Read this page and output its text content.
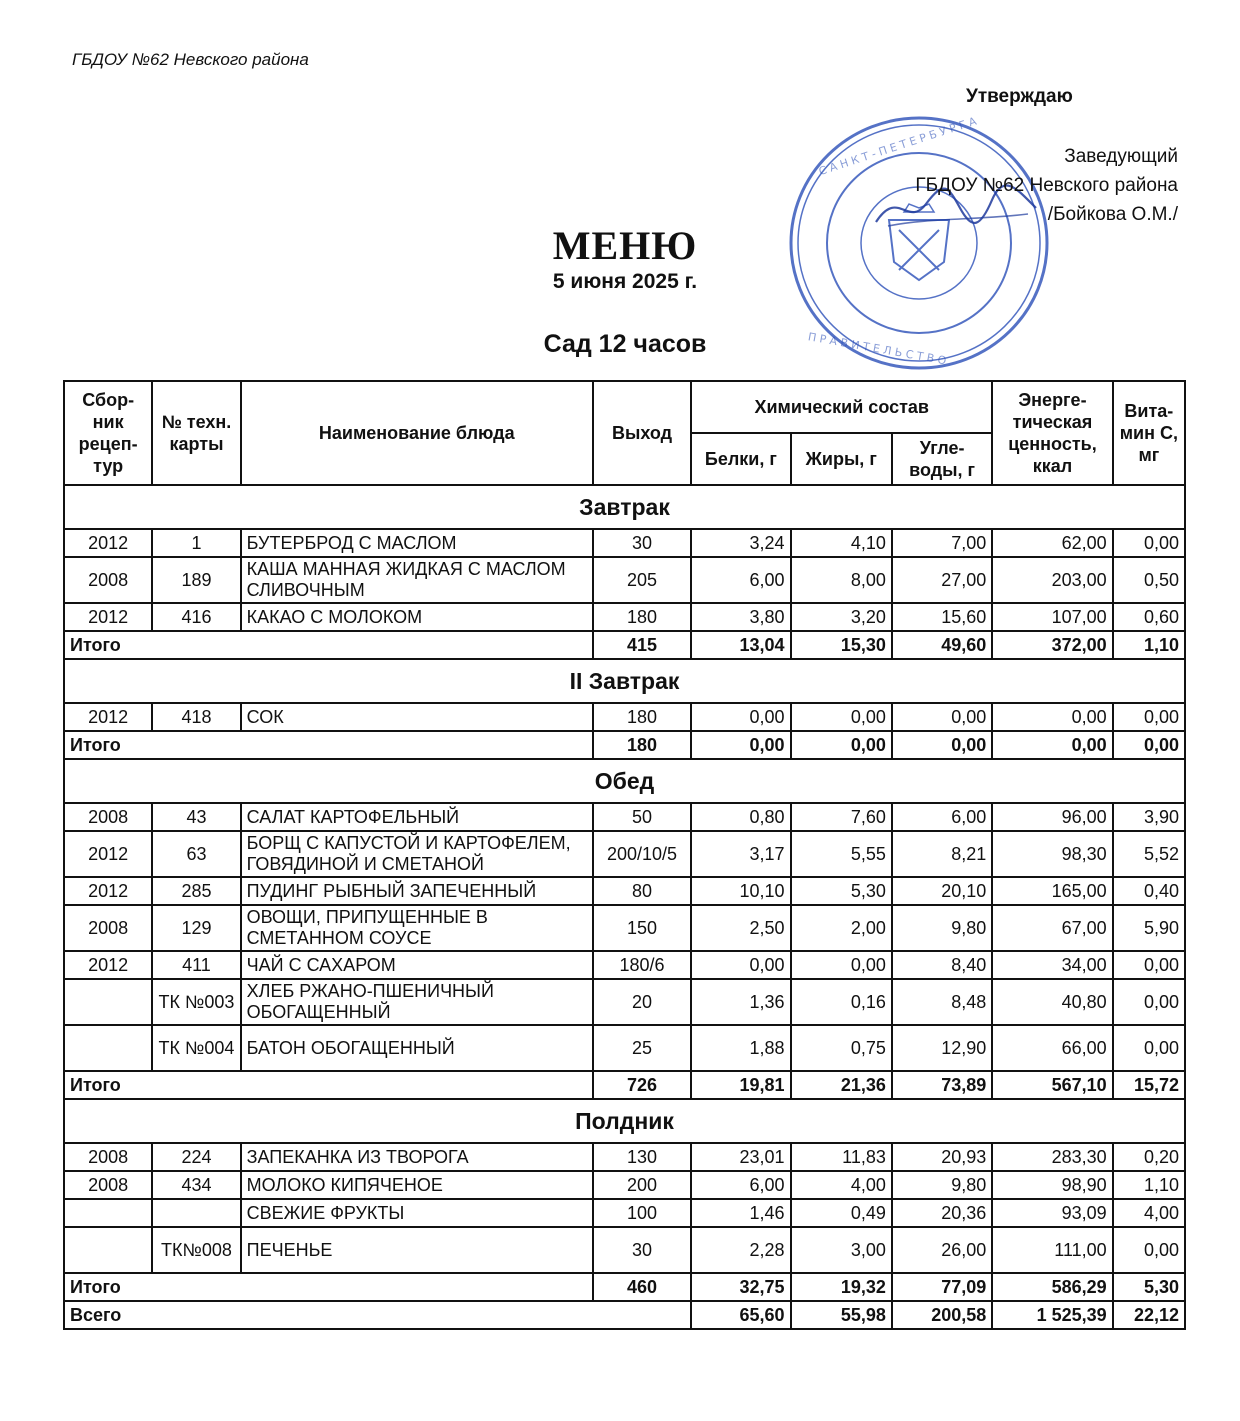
ГБДОУ №62 Невского района
Утверждаю
С А Н К Т - П Е Т Е Р Б У Р Г А
П Р А В И Т Е Л Ь С Т В О
Заведующий
ГБДОУ №62 Невского района
/Бойкова О.М./
МЕНЮ
5 июня 2025 г.
Сад 12 часов
Сбор-ник рецеп-тур	№ техн. карты	Наименование блюда	Выход	Химический состав			Энерге-тическая ценность, ккал	Вита-мин С, мг
				Белки, г	Жиры, г	Угле-воды, г		
Завтрак								
2012	1	БУТЕРБРОД С МАСЛОМ	30	3,24	4,10	7,00	62,00	0,00
2008	189	КАША МАННАЯ ЖИДКАЯ С МАСЛОМ СЛИВОЧНЫМ	205	6,00	8,00	27,00	203,00	0,50
2012	416	КАКАО С МОЛОКОМ	180	3,80	3,20	15,60	107,00	0,60
Итого			415	13,04	15,30	49,60	372,00	1,10
II Завтрак								
2012	418	СОК	180	0,00	0,00	0,00	0,00	0,00
Итого			180	0,00	0,00	0,00	0,00	0,00
Обед								
2008	43	САЛАТ КАРТОФЕЛЬНЫЙ	50	0,80	7,60	6,00	96,00	3,90
2012	63	БОРЩ С КАПУСТОЙ И КАРТОФЕЛЕМ, ГОВЯДИНОЙ И СМЕТАНОЙ	200/10/5	3,17	5,55	8,21	98,30	5,52
2012	285	ПУДИНГ РЫБНЫЙ ЗАПЕЧЕННЫЙ	80	10,10	5,30	20,10	165,00	0,40
2008	129	ОВОЩИ, ПРИПУЩЕННЫЕ В СМЕТАННОМ СОУСЕ	150	2,50	2,00	9,80	67,00	5,90
2012	411	ЧАЙ С САХАРОМ	180/6	0,00	0,00	8,40	34,00	0,00
	ТК №003	ХЛЕБ РЖАНО-ПШЕНИЧНЫЙ ОБОГАЩЕННЫЙ	20	1,36	0,16	8,48	40,80	0,00
	ТК №004	БАТОН ОБОГАЩЕННЫЙ	25	1,88	0,75	12,90	66,00	0,00
Итого			726	19,81	21,36	73,89	567,10	15,72
Полдник								
2008	224	ЗАПЕКАНКА ИЗ ТВОРОГА	130	23,01	11,83	20,93	283,30	0,20
2008	434	МОЛОКО КИПЯЧЕНОЕ	200	6,00	4,00	9,80	98,90	1,10
		СВЕЖИЕ ФРУКТЫ	100	1,46	0,49	20,36	93,09	4,00
	ТК№008	ПЕЧЕНЬЕ	30	2,28	3,00	26,00	111,00	0,00
Итого			460	32,75	19,32	77,09	586,29	5,30
Всего				65,60	55,98	200,58	1 525,39	22,12
